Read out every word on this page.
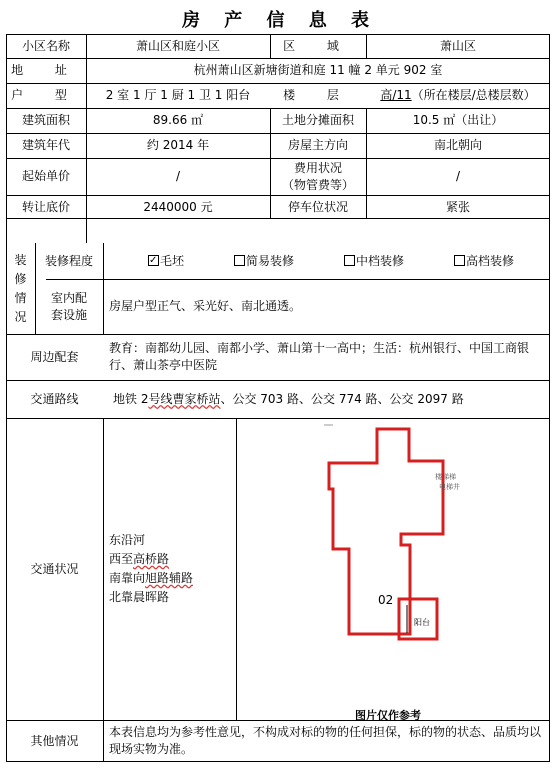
房 产 信 息 表
小区名称	萧山区和庭小区	区 域	萧山区
地 址	杭州萧山区新塘街道和庭 11 幢 2 单元 902 室
户 型	2 室 1 厅 1 厨 1 卫 1 阳台	楼 层	高/11 （所在楼层/总楼层数）
建筑面积	89.66 ㎡	土地分摊面积	10.5 ㎡（出让）
建筑年代	约 2014 年	房屋主方向	南北朝向
起始单价	/
费用状况
（物管费等）
/
转让底价	2440000 元	停车位状况	紧张
装修情况
装修程度
✓	毛坯	简易装修	中档装修	高档装修
室内配
套设施
房屋户型正气、采光好、南北通透。
周边配套
教育：南都幼儿园、南都小学、萧山第十一高中；生活：杭州银行、中国工商银行、萧山茶亭中医院
交通路线	地铁 2 号线曹家桥站 、公交 703 路、公交 774 路、公交 2097 路
交通状况
东沿河
西至高桥路
南靠向旭路辅路
北靠晨晖路
楼梯梯
电梯井
02
阳台
图片仅作参考
其他情况
本表信息均为参考性意见，不构成对标的物的任何担保，标的物的状态、品质均以现场实物为准。
